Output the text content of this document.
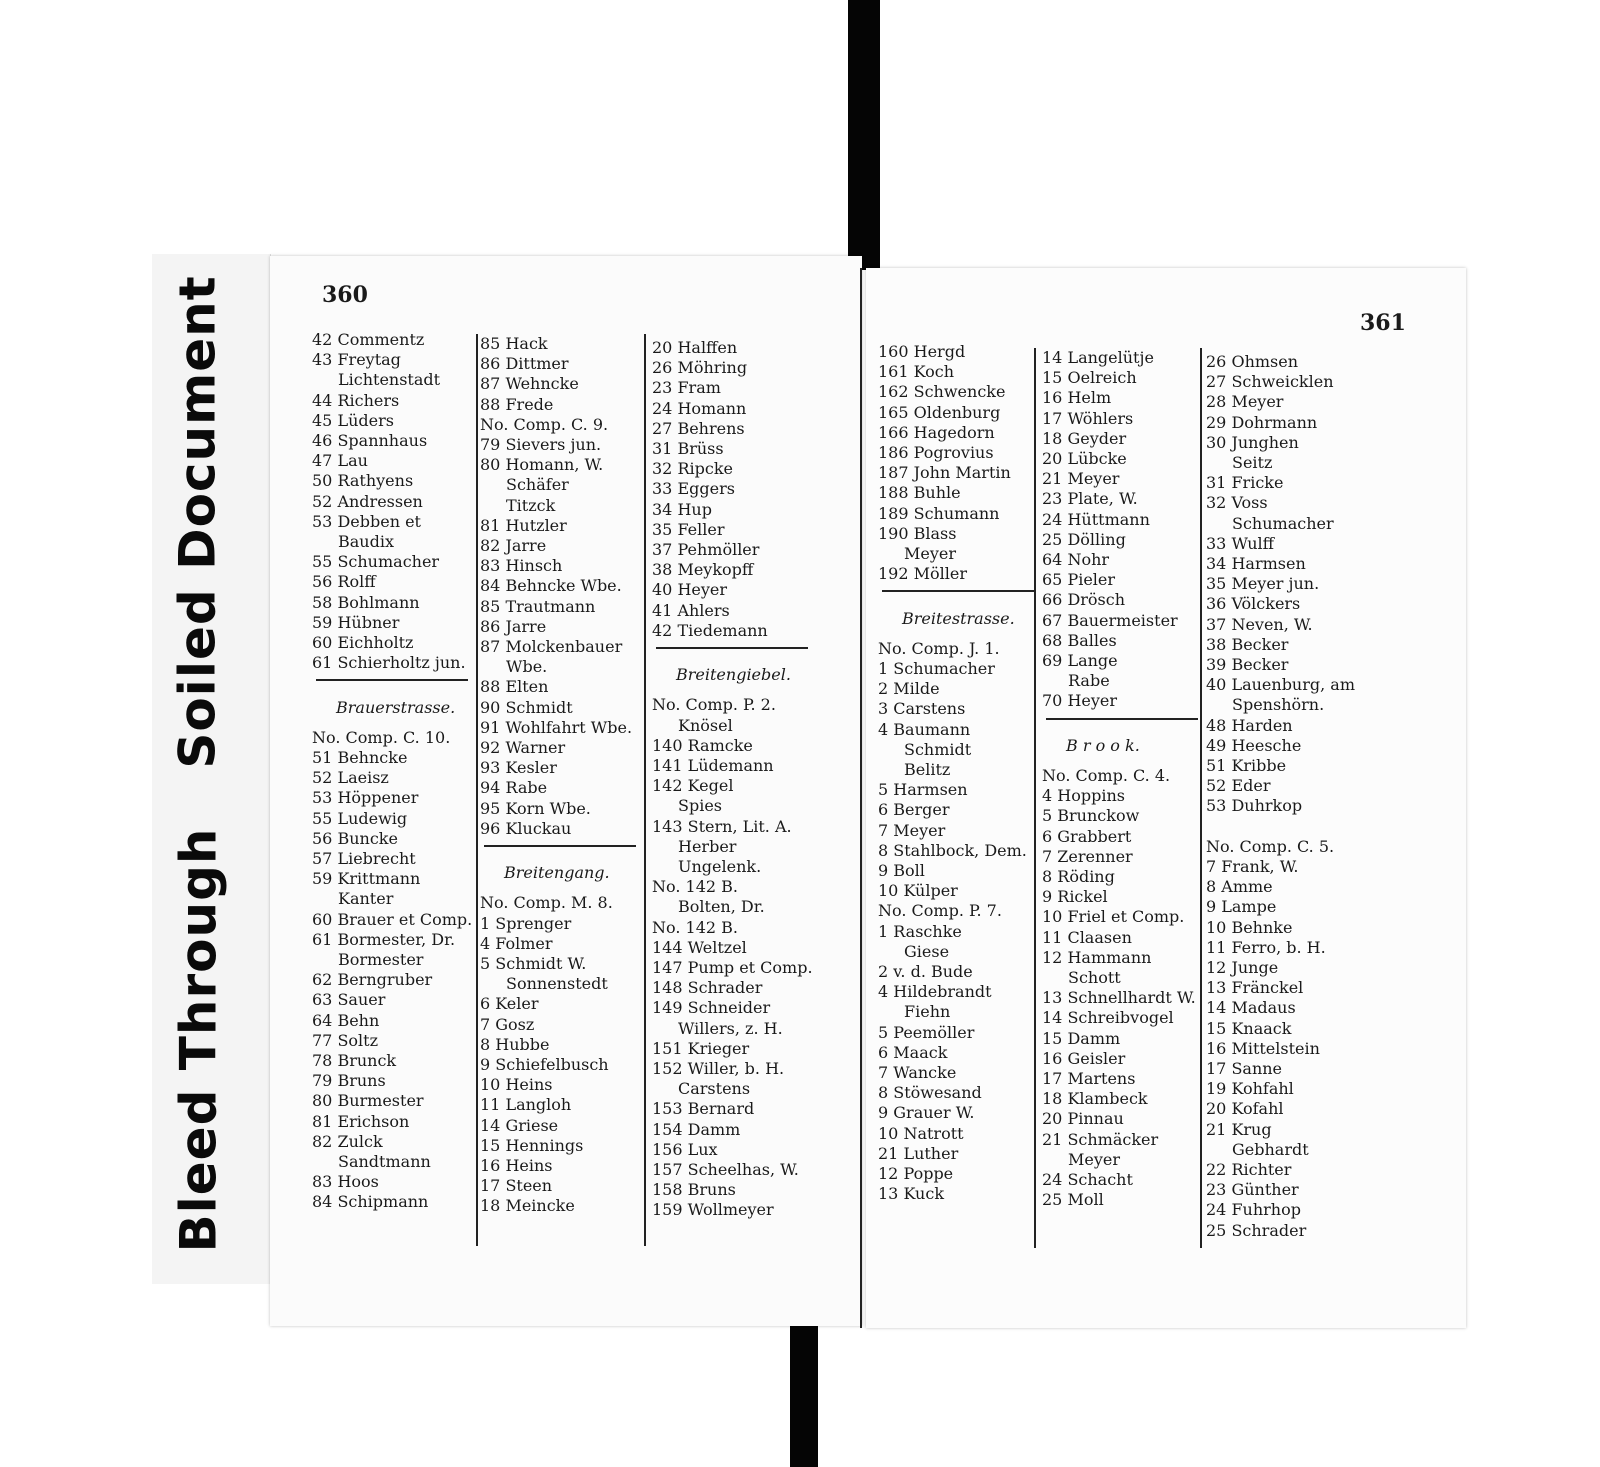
Soiled Document
Bleed Through
360
42 Commentz
43 Freytag
Lichtenstadt
44 Richers
45 Lüders
46 Spannhaus
47 Lau
50 Rathyens
52 Andressen
53 Debben et
Baudix
55 Schumacher
56 Rolff
58 Bohlmann
59 Hübner
60 Eichholtz
61 Schierholtz jun.
Brauerstrasse.
No. Comp. C. 10.
51 Behncke
52 Laeisz
53 Höppener
55 Ludewig
56 Buncke
57 Liebrecht
59 Krittmann
Kanter
60 Brauer et Comp.
61 Bormester, Dr.
Bormester
62 Berngruber
63 Sauer
64 Behn
77 Soltz
78 Brunck
79 Bruns
80 Burmester
81 Erichson
82 Zulck
Sandtmann
83 Hoos
84 Schipmann
85 Hack
86 Dittmer
87 Wehncke
88 Frede
No. Comp. C. 9.
79 Sievers jun.
80 Homann, W.
Schäfer
Titzck
81 Hutzler
82 Jarre
83 Hinsch
84 Behncke Wbe.
85 Trautmann
86 Jarre
87 Molckenbauer
Wbe.
88 Elten
90 Schmidt
91 Wohlfahrt Wbe.
92 Warner
93 Kesler
94 Rabe
95 Korn Wbe.
96 Kluckau
Breitengang.
No. Comp. M. 8.
1 Sprenger
4 Folmer
5 Schmidt W.
Sonnenstedt
6 Keler
7 Gosz
8 Hubbe
9 Schiefelbusch
10 Heins
11 Langloh
14 Griese
15 Hennings
16 Heins
17 Steen
18 Meincke
20 Halffen
26 Möhring
23 Fram
24 Homann
27 Behrens
31 Brüss
32 Ripcke
33 Eggers
34 Hup
35 Feller
37 Pehmöller
38 Meykopff
40 Heyer
41 Ahlers
42 Tiedemann
Breitengiebel.
No. Comp. P. 2.
Knösel
140 Ramcke
141 Lüdemann
142 Kegel
Spies
143 Stern, Lit. A.
Herber
Ungelenk.
No. 142 B.
Bolten, Dr.
No. 142 B.
144 Weltzel
147 Pump et Comp.
148 Schrader
149 Schneider
Willers, z. H.
151 Krieger
152 Willer, b. H.
Carstens
153 Bernard
154 Damm
156 Lux
157 Scheelhas, W.
158 Bruns
159 Wollmeyer
361
160 Hergd
161 Koch
162 Schwencke
165 Oldenburg
166 Hagedorn
186 Pogrovius
187 John Martin
188 Buhle
189 Schumann
190 Blass
Meyer
192 Möller
Breitestrasse.
No. Comp. J. 1.
1 Schumacher
2 Milde
3 Carstens
4 Baumann
Schmidt
Belitz
5 Harmsen
6 Berger
7 Meyer
8 Stahlbock, Dem.
9 Boll
10 Külper
No. Comp. P. 7.
1 Raschke
Giese
2 v. d. Bude
4 Hildebrandt
Fiehn
5 Peemöller
6 Maack
7 Wancke
8 Stöwesand
9 Grauer W.
10 Natrott
21 Luther
12 Poppe
13 Kuck
14 Langelütje
15 Oelreich
16 Helm
17 Wöhlers
18 Geyder
20 Lübcke
21 Meyer
23 Plate, W.
24 Hüttmann
25 Dölling
64 Nohr
65 Pieler
66 Drösch
67 Bauermeister
68 Balles
69 Lange
Rabe
70 Heyer
B r o o k.
No. Comp. C. 4.
4 Hoppins
5 Brunckow
6 Grabbert
7 Zerenner
8 Röding
9 Rickel
10 Friel et Comp.
11 Claasen
12 Hammann
Schott
13 Schnellhardt W.
14 Schreibvogel
15 Damm
16 Geisler
17 Martens
18 Klambeck
20 Pinnau
21 Schmäcker
Meyer
24 Schacht
25 Moll
26 Ohmsen
27 Schweicklen
28 Meyer
29 Dohrmann
30 Junghen
Seitz
31 Fricke
32 Voss
Schumacher
33 Wulff
34 Harmsen
35 Meyer jun.
36 Völckers
37 Neven, W.
38 Becker
39 Becker
40 Lauenburg, am
Spenshörn.
48 Harden
49 Heesche
51 Kribbe
52 Eder
53 Duhrkop
No. Comp. C. 5.
7 Frank, W.
8 Amme
9 Lampe
10 Behnke
11 Ferro, b. H.
12 Junge
13 Fränckel
14 Madaus
15 Knaack
16 Mittelstein
17 Sanne
19 Kohfahl
20 Kofahl
21 Krug
Gebhardt
22 Richter
23 Günther
24 Fuhrhop
25 Schrader
